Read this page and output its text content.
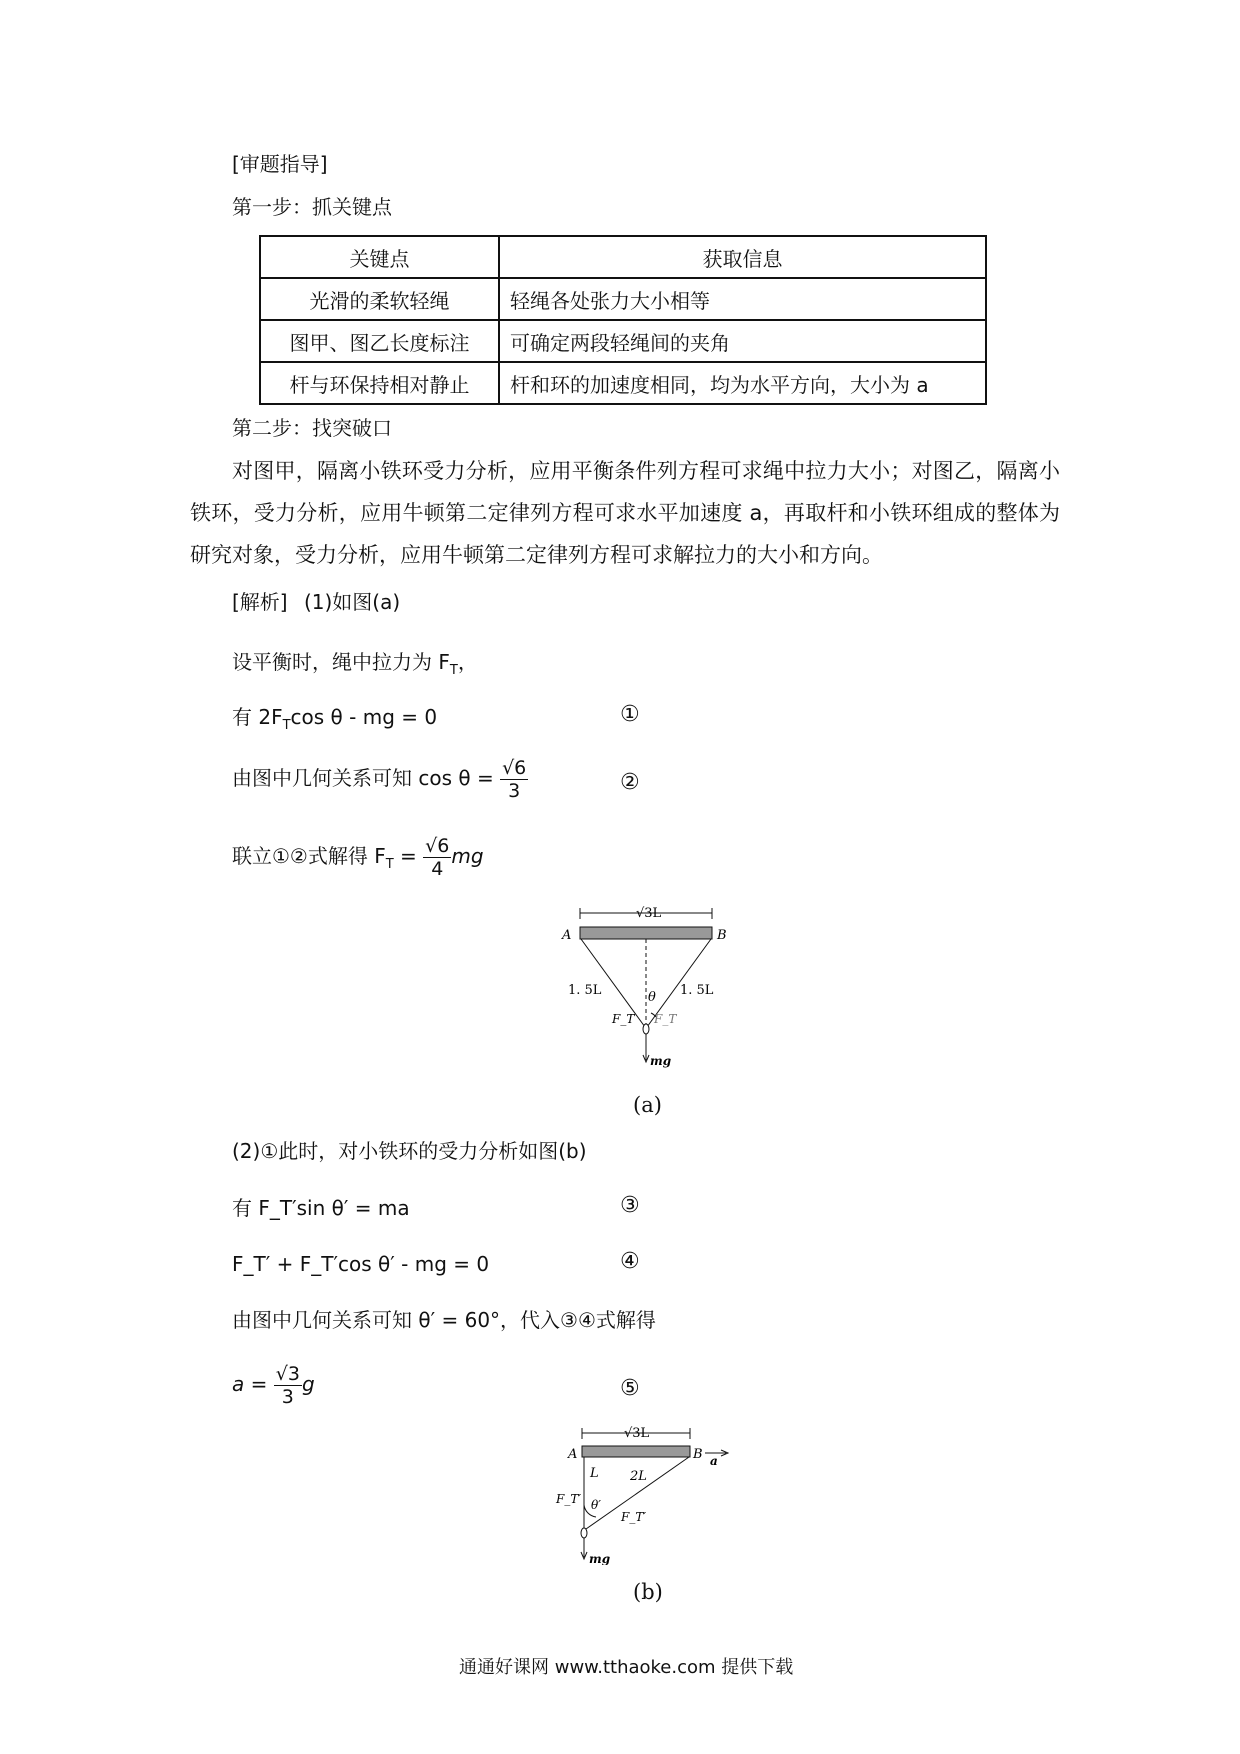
[审题指导]
第一步：抓关键点
关键点	获取信息
光滑的柔软轻绳	轻绳各处张力大小相等
图甲、图乙长度标注	可确定两段轻绳间的夹角
杆与环保持相对静止	杆和环的加速度相同，均为水平方向，大小为 a
第二步：找突破口
对图甲，隔离小铁环受力分析，应用平衡条件列方程可求绳中拉力大小；对图乙，隔离小铁环，受力分析，应用牛顿第二定律列方程可求水平加速度 a，再取杆和小铁环组成的整体为研究对象，受力分析，应用牛顿第二定律列方程可求解拉力的大小和方向。
[解析] (1)如图(a)
设平衡时，绳中拉力为 $F_T$，
有 $2F_T\cos$ θ - mg = 0	①
由图中几何关系可知 $\cos \theta = \frac{√6}{3}$	②
联立①②式解得 $F_T = \frac{√6}{4}$ mg
√3L
A	B
1. 5L	1. 5L
θ
F_T F_T
mg
(a)
(2)①此时，对小铁环的受力分析如图(b)
有 F_T′sin θ′ = ma	③
F_T′ + F_T′cos θ′ - mg = 0	④
由图中几何关系可知 θ′ = 60°，代入③④式解得
$a = \frac{√3}{3}$ g	⑤
√3L
A	B a
L 2L
F_T′ θ′
F_T′
mg
(b)
通通好课网 www.tthaoke.com 提供下载
